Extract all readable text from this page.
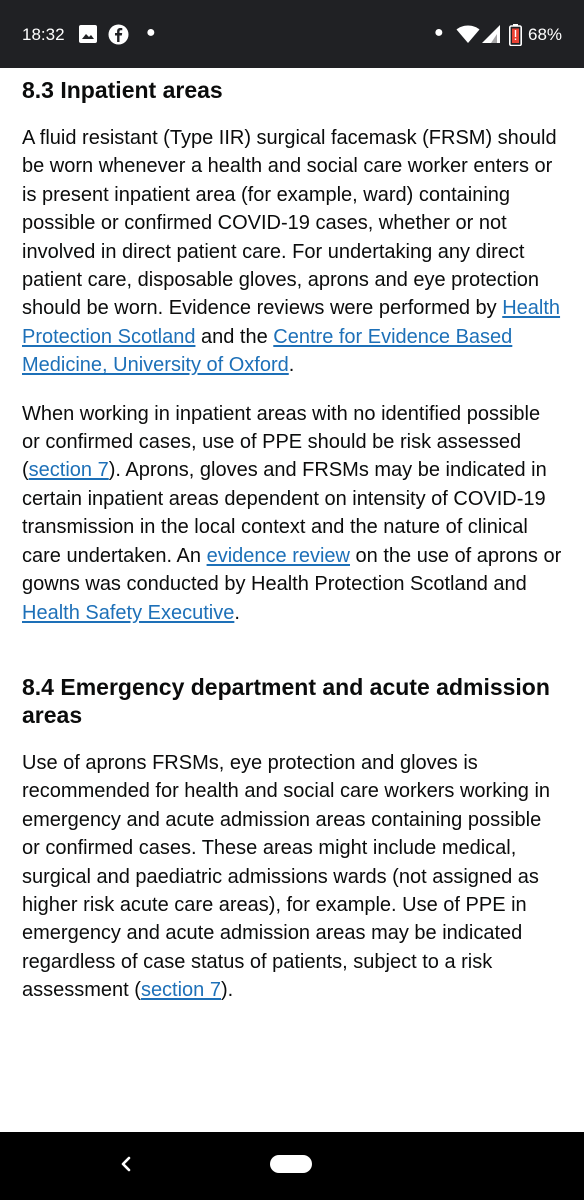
18:32	●	●	68%
8.3 Inpatient areas

A fluid resistant (Type IIR) surgical facemask (FRSM) should be worn whenever a health and social care worker enters or is present inpatient area (for example, ward) containing possible or confirmed COVID-19 cases, whether or not involved in direct patient care. For undertaking any direct patient care, disposable gloves, aprons and eye protection should be worn. Evidence reviews were performed by Health Protection Scotland and the Centre for Evidence Based Medicine, University of Oxford.

When working in inpatient areas with no identified possible or confirmed cases, use of PPE should be risk assessed (section 7). Aprons, gloves and FRSMs may be indicated in certain inpatient areas dependent on intensity of COVID-19 transmission in the local context and the nature of clinical care undertaken. An evidence review on the use of aprons or gowns was conducted by Health Protection Scotland and Health Safety Executive.

8.4 Emergency department and acute admission areas

Use of aprons FRSMs, eye protection and gloves is recommended for health and social care workers working in emergency and acute admission areas containing possible or confirmed cases. These areas might include medical, surgical and paediatric admissions wards (not assigned as higher risk acute care areas), for example. Use of PPE in emergency and acute admission areas may be indicated regardless of case status of patients, subject to a risk assessment (section 7).
